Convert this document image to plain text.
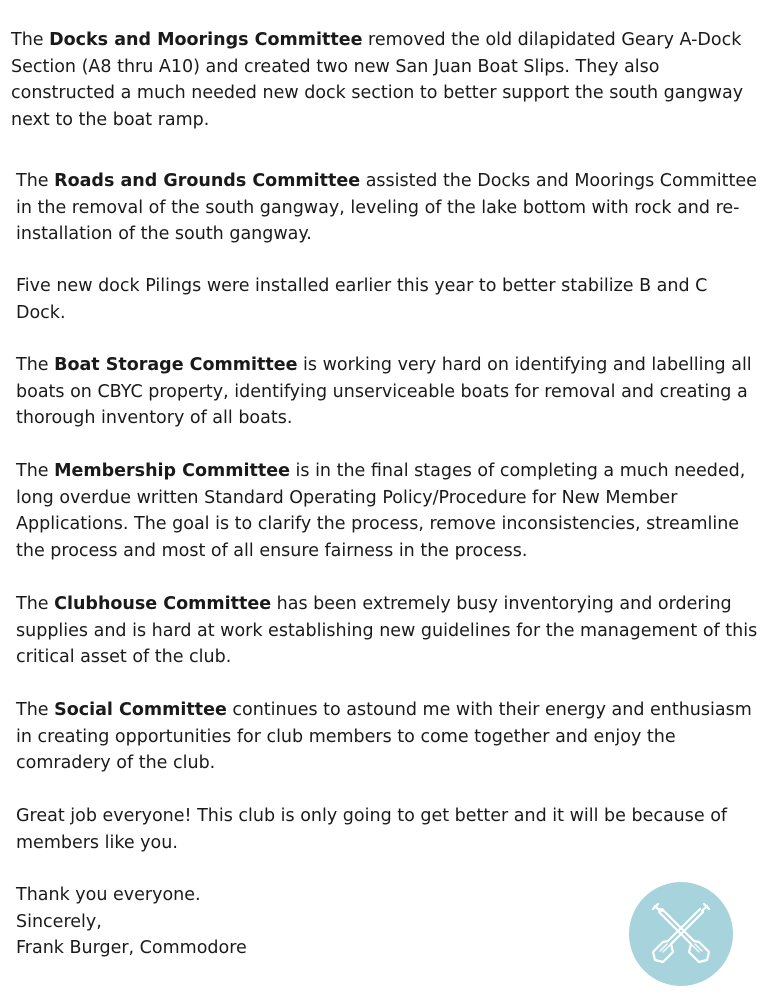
The Docks and Moorings Committee removed the old dilapidated Geary A-Dock Section (A8 thru A10) and created two new San Juan Boat Slips. They also constructed a much needed new dock section to better support the south gangway next to the boat ramp.

The Roads and Grounds Committee assisted the Docks and Moorings Committee in the removal of the south gangway, leveling of the lake bottom with rock and re-installation of the south gangway.

Five new dock Pilings were installed earlier this year to better stabilize B and C Dock.

The Boat Storage Committee is working very hard on identifying and labelling all boats on CBYC property, identifying unserviceable boats for removal and creating a thorough inventory of all boats.

The Membership Committee is in the final stages of completing a much needed, long overdue written Standard Operating Policy/Procedure for New Member Applications. The goal is to clarify the process, remove inconsistencies, streamline the process and most of all ensure fairness in the process.

The Clubhouse Committee has been extremely busy inventorying and ordering supplies and is hard at work establishing new guidelines for the management of this critical asset of the club.

The Social Committee continues to astound me with their energy and enthusiasm in creating opportunities for club members to come together and enjoy the comradery of the club.

Great job everyone! This club is only going to get better and it will be because of members like you.

Thank you everyone.
Sincerely,
Frank Burger, Commodore
